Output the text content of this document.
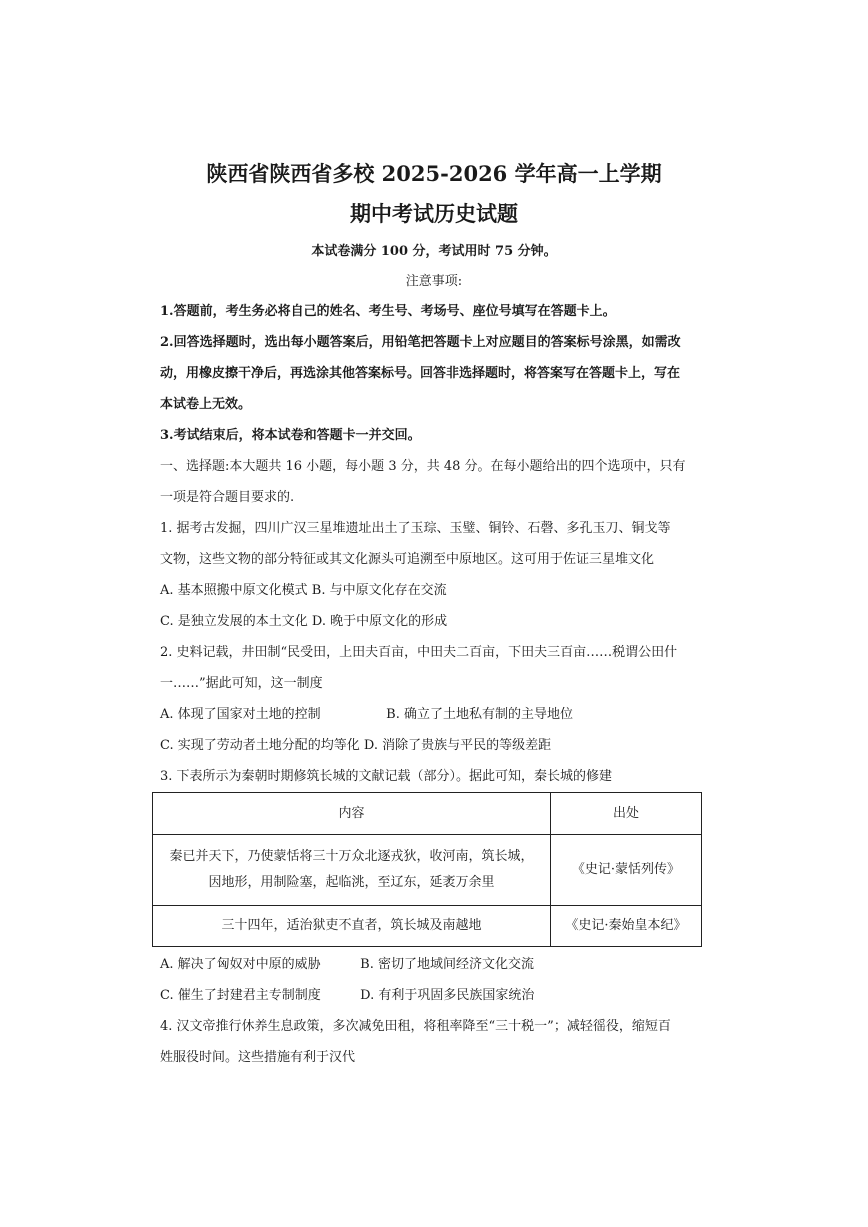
陕西省陕西省多校 2025-2026 学年高一上学期
期中考试历史试题
本试卷满分 100 分，考试用时 75 分钟。
注意事项:
1.答题前，考生务必将自己的姓名、考生号、考场号、座位号填写在答题卡上。
2.回答选择题时，选出每小题答案后，用铅笔把答题卡上对应题目的答案标号涂黑，如需改
动，用橡皮擦干净后，再选涂其他答案标号。回答非选择题时，将答案写在答题卡上，写在
本试卷上无效。
3.考试结束后，将本试卷和答题卡一并交回。
一、选择题:本大题共 16 小题，每小题 3 分，共 48 分。在每小题给出的四个选项中，只有
一项是符合题目要求的.
1. 据考古发掘，四川广汉三星堆遗址出土了玉琮、玉璧、铜铃、石磬、多孔玉刀、铜戈等
文物，这些文物的部分特征或其文化源头可追溯至中原地区。这可用于佐证三星堆文化
A. 基本照搬中原文化模式 B. 与中原文化存在交流
C. 是独立发展的本土文化 D. 晚于中原文化的形成
2. 史料记载，井田制“民受田，上田夫百亩，中田夫二百亩，下田夫三百亩……税谓公田什
一……”据此可知，这一制度
A. 体现了国家对土地的控制	B. 确立了土地私有制的主导地位
C. 实现了劳动者土地分配的均等化 D. 消除了贵族与平民的等级差距
3. 下表所示为秦朝时期修筑长城的文献记载（部分）。据此可知，秦长城的修建
内容	出处

秦已并天下，乃使蒙恬将三十万众北逐戎狄，收河南，筑长城，
因地形，用制险塞，起临洮，至辽东，延袤万余里	《史记·蒙恬列传》
三十四年，适治狱吏不直者，筑长城及南越地	《史记·秦始皇本纪》
A. 解决了匈奴对中原的威胁	B. 密切了地域间经济文化交流
C. 催生了封建君主专制制度	D. 有利于巩固多民族国家统治
4. 汉文帝推行休养生息政策，多次减免田租，将租率降至“三十税一”；减轻徭役，缩短百
姓服役时间。这些措施有利于汉代
